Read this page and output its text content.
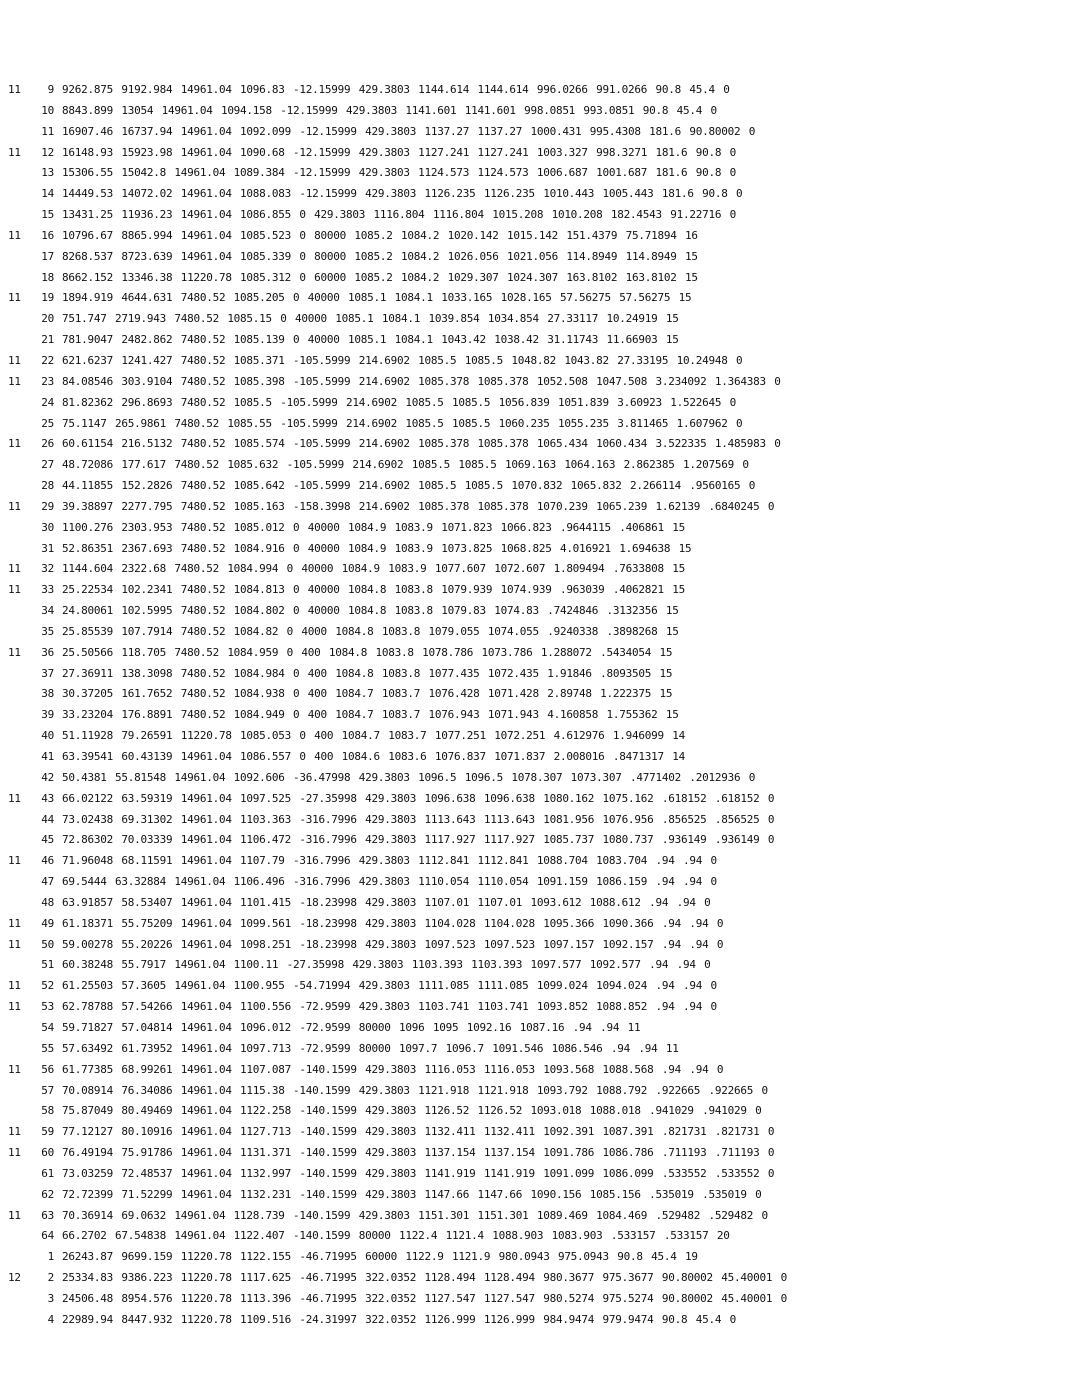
11	9 9262.875 9192.984 14961.04 1096.83 -12.15999 429.3803 1144.614 1144.614 996.0266 991.0266 90.8 45.4 0
10 8843.899 13054 14961.04 1094.158 -12.15999 429.3803 1141.601 1141.601 998.0851 993.0851 90.8 45.4 0
11 16907.46 16737.94 14961.04 1092.099 -12.15999 429.3803 1137.27 1137.27 1000.431 995.4308 181.6 90.80002 0
11	12 16148.93 15923.98 14961.04 1090.68 -12.15999 429.3803 1127.241 1127.241 1003.327 998.3271 181.6 90.8 0
13 15306.55 15042.8 14961.04 1089.384 -12.15999 429.3803 1124.573 1124.573 1006.687 1001.687 181.6 90.8 0
14 14449.53 14072.02 14961.04 1088.083 -12.15999 429.3803 1126.235 1126.235 1010.443 1005.443 181.6 90.8 0
15 13431.25 11936.23 14961.04 1086.855 0 429.3803 1116.804 1116.804 1015.208 1010.208 182.4543 91.22716 0
11	16 10796.67 8865.994 14961.04 1085.523 0 80000 1085.2 1084.2 1020.142 1015.142 151.4379 75.71894 16
17 8268.537 8723.639 14961.04 1085.339 0 80000 1085.2 1084.2 1026.056 1021.056 114.8949 114.8949 15
18 8662.152 13346.38 11220.78 1085.312 0 60000 1085.2 1084.2 1029.307 1024.307 163.8102 163.8102 15
11	19 1894.919 4644.631 7480.52 1085.205 0 40000 1085.1 1084.1 1033.165 1028.165 57.56275 57.56275 15
20 751.747 2719.943 7480.52 1085.15 0 40000 1085.1 1084.1 1039.854 1034.854 27.33117 10.24919 15
21 781.9047 2482.862 7480.52 1085.139 0 40000 1085.1 1084.1 1043.42 1038.42 31.11743 11.66903 15
11	22 621.6237 1241.427 7480.52 1085.371 -105.5999 214.6902 1085.5 1085.5 1048.82 1043.82 27.33195 10.24948 0
11	23 84.08546 303.9104 7480.52 1085.398 -105.5999 214.6902 1085.378 1085.378 1052.508 1047.508 3.234092 1.364383 0
24 81.82362 296.8693 7480.52 1085.5 -105.5999 214.6902 1085.5 1085.5 1056.839 1051.839 3.60923 1.522645 0
25 75.1147 265.9861 7480.52 1085.55 -105.5999 214.6902 1085.5 1085.5 1060.235 1055.235 3.811465 1.607962 0
11	26 60.61154 216.5132 7480.52 1085.574 -105.5999 214.6902 1085.378 1085.378 1065.434 1060.434 3.522335 1.485983 0
27 48.72086 177.617 7480.52 1085.632 -105.5999 214.6902 1085.5 1085.5 1069.163 1064.163 2.862385 1.207569 0
28 44.11855 152.2826 7480.52 1085.642 -105.5999 214.6902 1085.5 1085.5 1070.832 1065.832 2.266114 .9560165 0
11	29 39.38897 2277.795 7480.52 1085.163 -158.3998 214.6902 1085.378 1085.378 1070.239 1065.239 1.62139 .6840245 0
30 1100.276 2303.953 7480.52 1085.012 0 40000 1084.9 1083.9 1071.823 1066.823 .9644115 .406861 15
31 52.86351 2367.693 7480.52 1084.916 0 40000 1084.9 1083.9 1073.825 1068.825 4.016921 1.694638 15
11	32 1144.604 2322.68 7480.52 1084.994 0 40000 1084.9 1083.9 1077.607 1072.607 1.809494 .7633808 15
11	33 25.22534 102.2341 7480.52 1084.813 0 40000 1084.8 1083.8 1079.939 1074.939 .963039 .4062821 15
34 24.80061 102.5995 7480.52 1084.802 0 40000 1084.8 1083.8 1079.83 1074.83 .7424846 .3132356 15
35 25.85539 107.7914 7480.52 1084.82 0 4000 1084.8 1083.8 1079.055 1074.055 .9240338 .3898268 15
11	36 25.50566 118.705 7480.52 1084.959 0 400 1084.8 1083.8 1078.786 1073.786 1.288072 .5434054 15
37 27.36911 138.3098 7480.52 1084.984 0 400 1084.8 1083.8 1077.435 1072.435 1.91846 .8093505 15
38 30.37205 161.7652 7480.52 1084.938 0 400 1084.7 1083.7 1076.428 1071.428 2.89748 1.222375 15
39 33.23204 176.8891 7480.52 1084.949 0 400 1084.7 1083.7 1076.943 1071.943 4.160858 1.755362 15
40 51.11928 79.26591 11220.78 1085.053 0 400 1084.7 1083.7 1077.251 1072.251 4.612976 1.946099 14
41 63.39541 60.43139 14961.04 1086.557 0 400 1084.6 1083.6 1076.837 1071.837 2.008016 .8471317 14
42 50.4381 55.81548 14961.04 1092.606 -36.47998 429.3803 1096.5 1096.5 1078.307 1073.307 .4771402 .2012936 0
11	43 66.02122 63.59319 14961.04 1097.525 -27.35998 429.3803 1096.638 1096.638 1080.162 1075.162 .618152 .618152 0
44 73.02438 69.31302 14961.04 1103.363 -316.7996 429.3803 1113.643 1113.643 1081.956 1076.956 .856525 .856525 0
45 72.86302 70.03339 14961.04 1106.472 -316.7996 429.3803 1117.927 1117.927 1085.737 1080.737 .936149 .936149 0
11	46 71.96048 68.11591 14961.04 1107.79 -316.7996 429.3803 1112.841 1112.841 1088.704 1083.704 .94 .94 0
47 69.5444 63.32884 14961.04 1106.496 -316.7996 429.3803 1110.054 1110.054 1091.159 1086.159 .94 .94 0
48 63.91857 58.53407 14961.04 1101.415 -18.23998 429.3803 1107.01 1107.01 1093.612 1088.612 .94 .94 0
11	49 61.18371 55.75209 14961.04 1099.561 -18.23998 429.3803 1104.028 1104.028 1095.366 1090.366 .94 .94 0
11	50 59.00278 55.20226 14961.04 1098.251 -18.23998 429.3803 1097.523 1097.523 1097.157 1092.157 .94 .94 0
51 60.38248 55.7917 14961.04 1100.11 -27.35998 429.3803 1103.393 1103.393 1097.577 1092.577 .94 .94 0
11	52 61.25503 57.3605 14961.04 1100.955 -54.71994 429.3803 1111.085 1111.085 1099.024 1094.024 .94 .94 0
11	53 62.78788 57.54266 14961.04 1100.556 -72.9599 429.3803 1103.741 1103.741 1093.852 1088.852 .94 .94 0
54 59.71827 57.04814 14961.04 1096.012 -72.9599 80000 1096 1095 1092.16 1087.16 .94 .94 11
55 57.63492 61.73952 14961.04 1097.713 -72.9599 80000 1097.7 1096.7 1091.546 1086.546 .94 .94 11
11	56 61.77385 68.99261 14961.04 1107.087 -140.1599 429.3803 1116.053 1116.053 1093.568 1088.568 .94 .94 0
57 70.08914 76.34086 14961.04 1115.38 -140.1599 429.3803 1121.918 1121.918 1093.792 1088.792 .922665 .922665 0
58 75.87049 80.49469 14961.04 1122.258 -140.1599 429.3803 1126.52 1126.52 1093.018 1088.018 .941029 .941029 0
11	59 77.12127 80.10916 14961.04 1127.713 -140.1599 429.3803 1132.411 1132.411 1092.391 1087.391 .821731 .821731 0
11	60 76.49194 75.91786 14961.04 1131.371 -140.1599 429.3803 1137.154 1137.154 1091.786 1086.786 .711193 .711193 0
61 73.03259 72.48537 14961.04 1132.997 -140.1599 429.3803 1141.919 1141.919 1091.099 1086.099 .533552 .533552 0
62 72.72399 71.52299 14961.04 1132.231 -140.1599 429.3803 1147.66 1147.66 1090.156 1085.156 .535019 .535019 0
11	63 70.36914 69.0632 14961.04 1128.739 -140.1599 429.3803 1151.301 1151.301 1089.469 1084.469 .529482 .529482 0
64 66.2702 67.54838 14961.04 1122.407 -140.1599 80000 1122.4 1121.4 1088.903 1083.903 .533157 .533157 20
1 26243.87 9699.159 11220.78 1122.155 -46.71995 60000 1122.9 1121.9 980.0943 975.0943 90.8 45.4 19
12	2 25334.83 9386.223 11220.78 1117.625 -46.71995 322.0352 1128.494 1128.494 980.3677 975.3677 90.80002 45.40001 0
3 24506.48 8954.576 11220.78 1113.396 -46.71995 322.0352 1127.547 1127.547 980.5274 975.5274 90.80002 45.40001 0
4 22989.94 8447.932 11220.78 1109.516 -24.31997 322.0352 1126.999 1126.999 984.9474 979.9474 90.8 45.4 0
